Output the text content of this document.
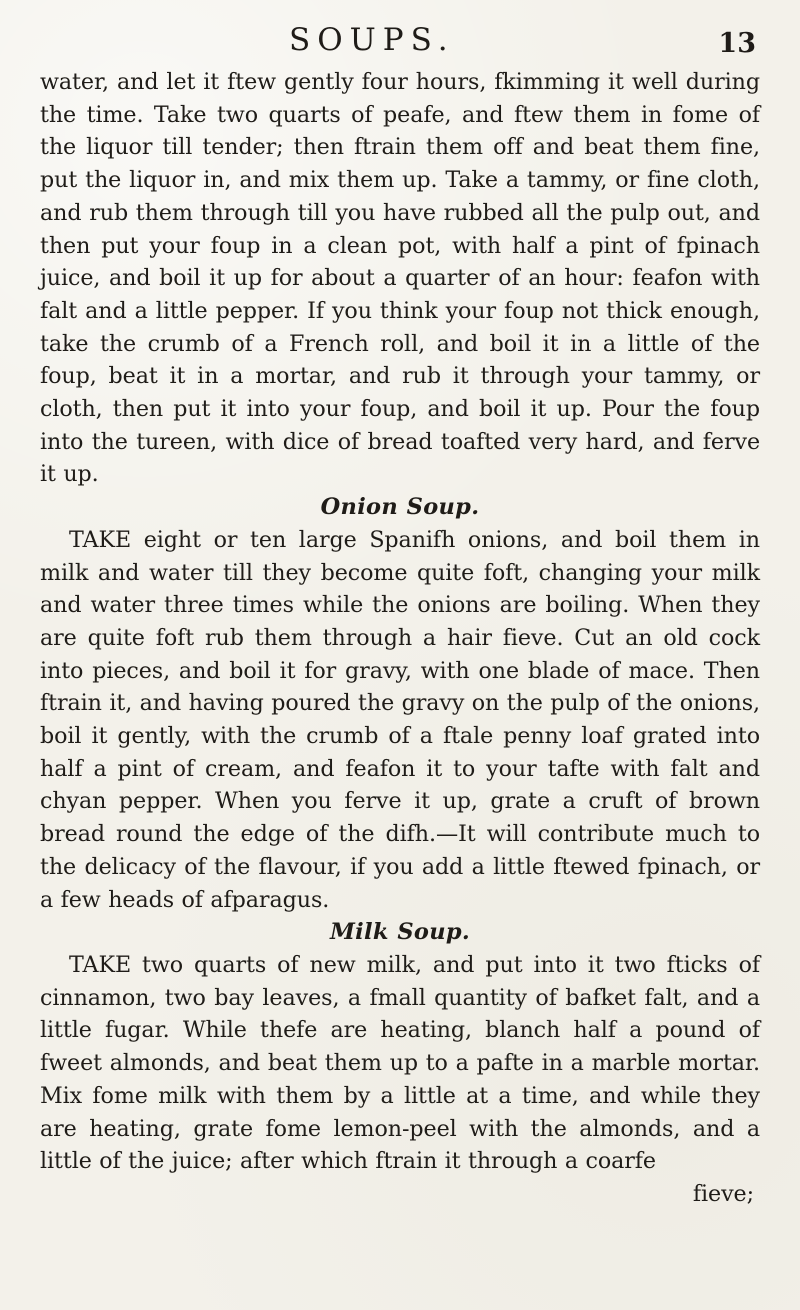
SOUPS.	13

water, and let it ftew gently four hours, fkimming it well during the time. Take two quarts of peafe, and ftew them in fome of the liquor till tender; then ftrain them off and beat them fine, put the liquor in, and mix them up. Take a tammy, or fine cloth, and rub them through till you have rubbed all the pulp out, and then put your foup in a clean pot, with half a pint of fpinach juice, and boil it up for about a quarter of an hour: feafon with falt and a little pepper. If you think your foup not thick enough, take the crumb of a French roll, and boil it in a little of the foup, beat it in a mortar, and rub it through your tammy, or cloth, then put it into your foup, and boil it up. Pour the foup into the tureen, with dice of bread toafted very hard, and ferve it up.

Onion Soup.

TAKE eight or ten large Spanifh onions, and boil them in milk and water till they become quite foft, changing your milk and water three times while the onions are boiling. When they are quite foft rub them through a hair fieve. Cut an old cock into pieces, and boil it for gravy, with one blade of mace. Then ftrain it, and having poured the gravy on the pulp of the onions, boil it gently, with the crumb of a ftale penny loaf grated into half a pint of cream, and feafon it to your tafte with falt and chyan pepper. When you ferve it up, grate a cruft of brown bread round the edge of the difh.—It will contribute much to the delicacy of the flavour, if you add a little ftewed fpinach, or a few heads of afparagus.

Milk Soup.

TAKE two quarts of new milk, and put into it two fticks of cinnamon, two bay leaves, a fmall quantity of bafket falt, and a little fugar. While thefe are heating, blanch half a pound of fweet almonds, and beat them up to a pafte in a marble mortar. Mix fome milk with them by a little at a time, and while they are heating, grate fome lemon-peel with the almonds, and a little of the juice; after which ftrain it through a coarfe

fieve;
